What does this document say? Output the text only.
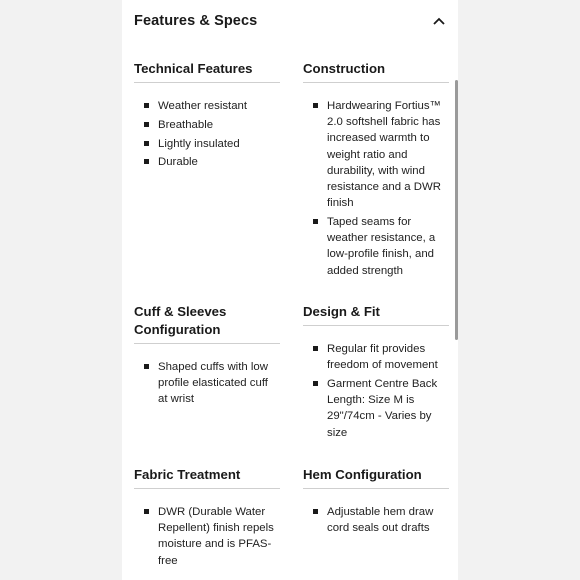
Features & Specs
Technical Features
Weather resistant
Breathable
Lightly insulated
Durable
Construction
Hardwearing Fortius™ 2.0 softshell fabric has increased warmth to weight ratio and durability, with wind resistance and a DWR finish
Taped seams for weather resistance, a low-profile finish, and added strength
Cuff & Sleeves Configuration
Shaped cuffs with low profile elasticated cuff at wrist
Design & Fit
Regular fit provides freedom of movement
Garment Centre Back Length: Size M is 29"/74cm - Varies by size
Fabric Treatment
DWR (Durable Water Repellent) finish repels moisture and is PFAS-free
Hem Configuration
Adjustable hem draw cord seals out drafts
